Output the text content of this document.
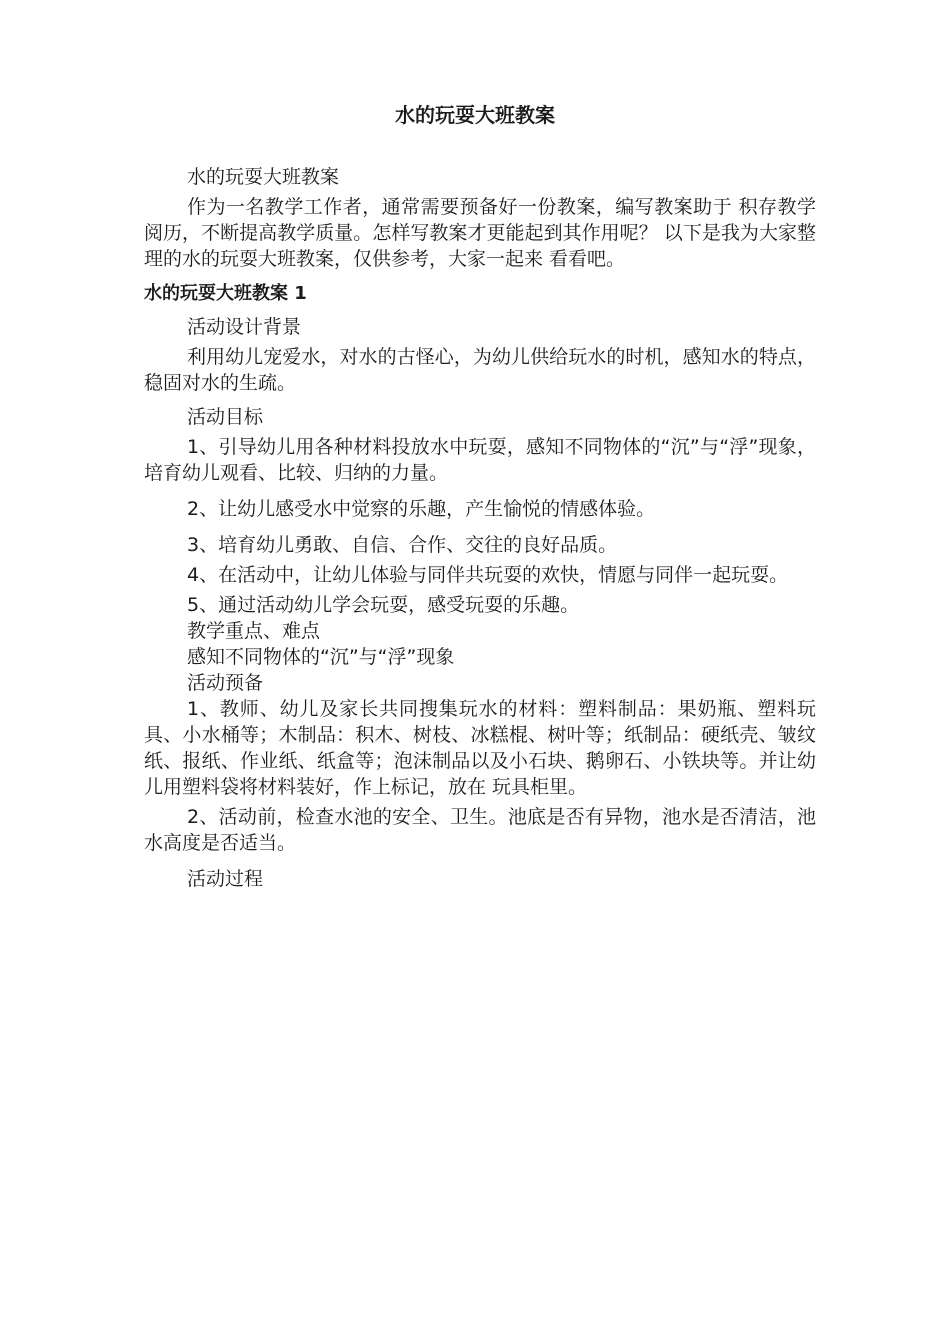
水的玩耍大班教案

水的玩耍大班教案

作为一名教学工作者，通常需要预备好一份教案，编写教案助于 积存教学阅历，不断提高教学质量。怎样写教案才更能起到其作用呢？ 以下是我为大家整理的水的玩耍大班教案，仅供参考，大家一起来 看看吧。

水的玩耍大班教案 1

活动设计背景

利用幼儿宠爱水，对水的古怪心，为幼儿供给玩水的时机，感知水的特点，稳固对水的生疏。

活动目标

1、引导幼儿用各种材料投放水中玩耍，感知不同物体的“沉”与“浮”现象，培育幼儿观看、比较、归纳的力量。

2、让幼儿感受水中觉察的乐趣，产生愉悦的情感体验。

3、培育幼儿勇敢、自信、合作、交往的良好品质。

4、在活动中，让幼儿体验与同伴共玩耍的欢快，情愿与同伴一起玩耍。

5、通过活动幼儿学会玩耍，感受玩耍的乐趣。

教学重点、难点

感知不同物体的“沉”与“浮”现象

活动预备

1、教师、幼儿及家长共同搜集玩水的材料：塑料制品：果奶瓶、塑料玩具、小水桶等；木制品：积木、树枝、冰糕棍、树叶等；纸制品：硬纸壳、皱纹纸、报纸、作业纸、纸盒等；泡沫制品以及小石块、鹅卵石、小铁块等。并让幼儿用塑料袋将材料装好，作上标记，放在 玩具柜里。

2、活动前，检查水池的安全、卫生。池底是否有异物，池水是否清洁，池水高度是否适当。

活动过程
